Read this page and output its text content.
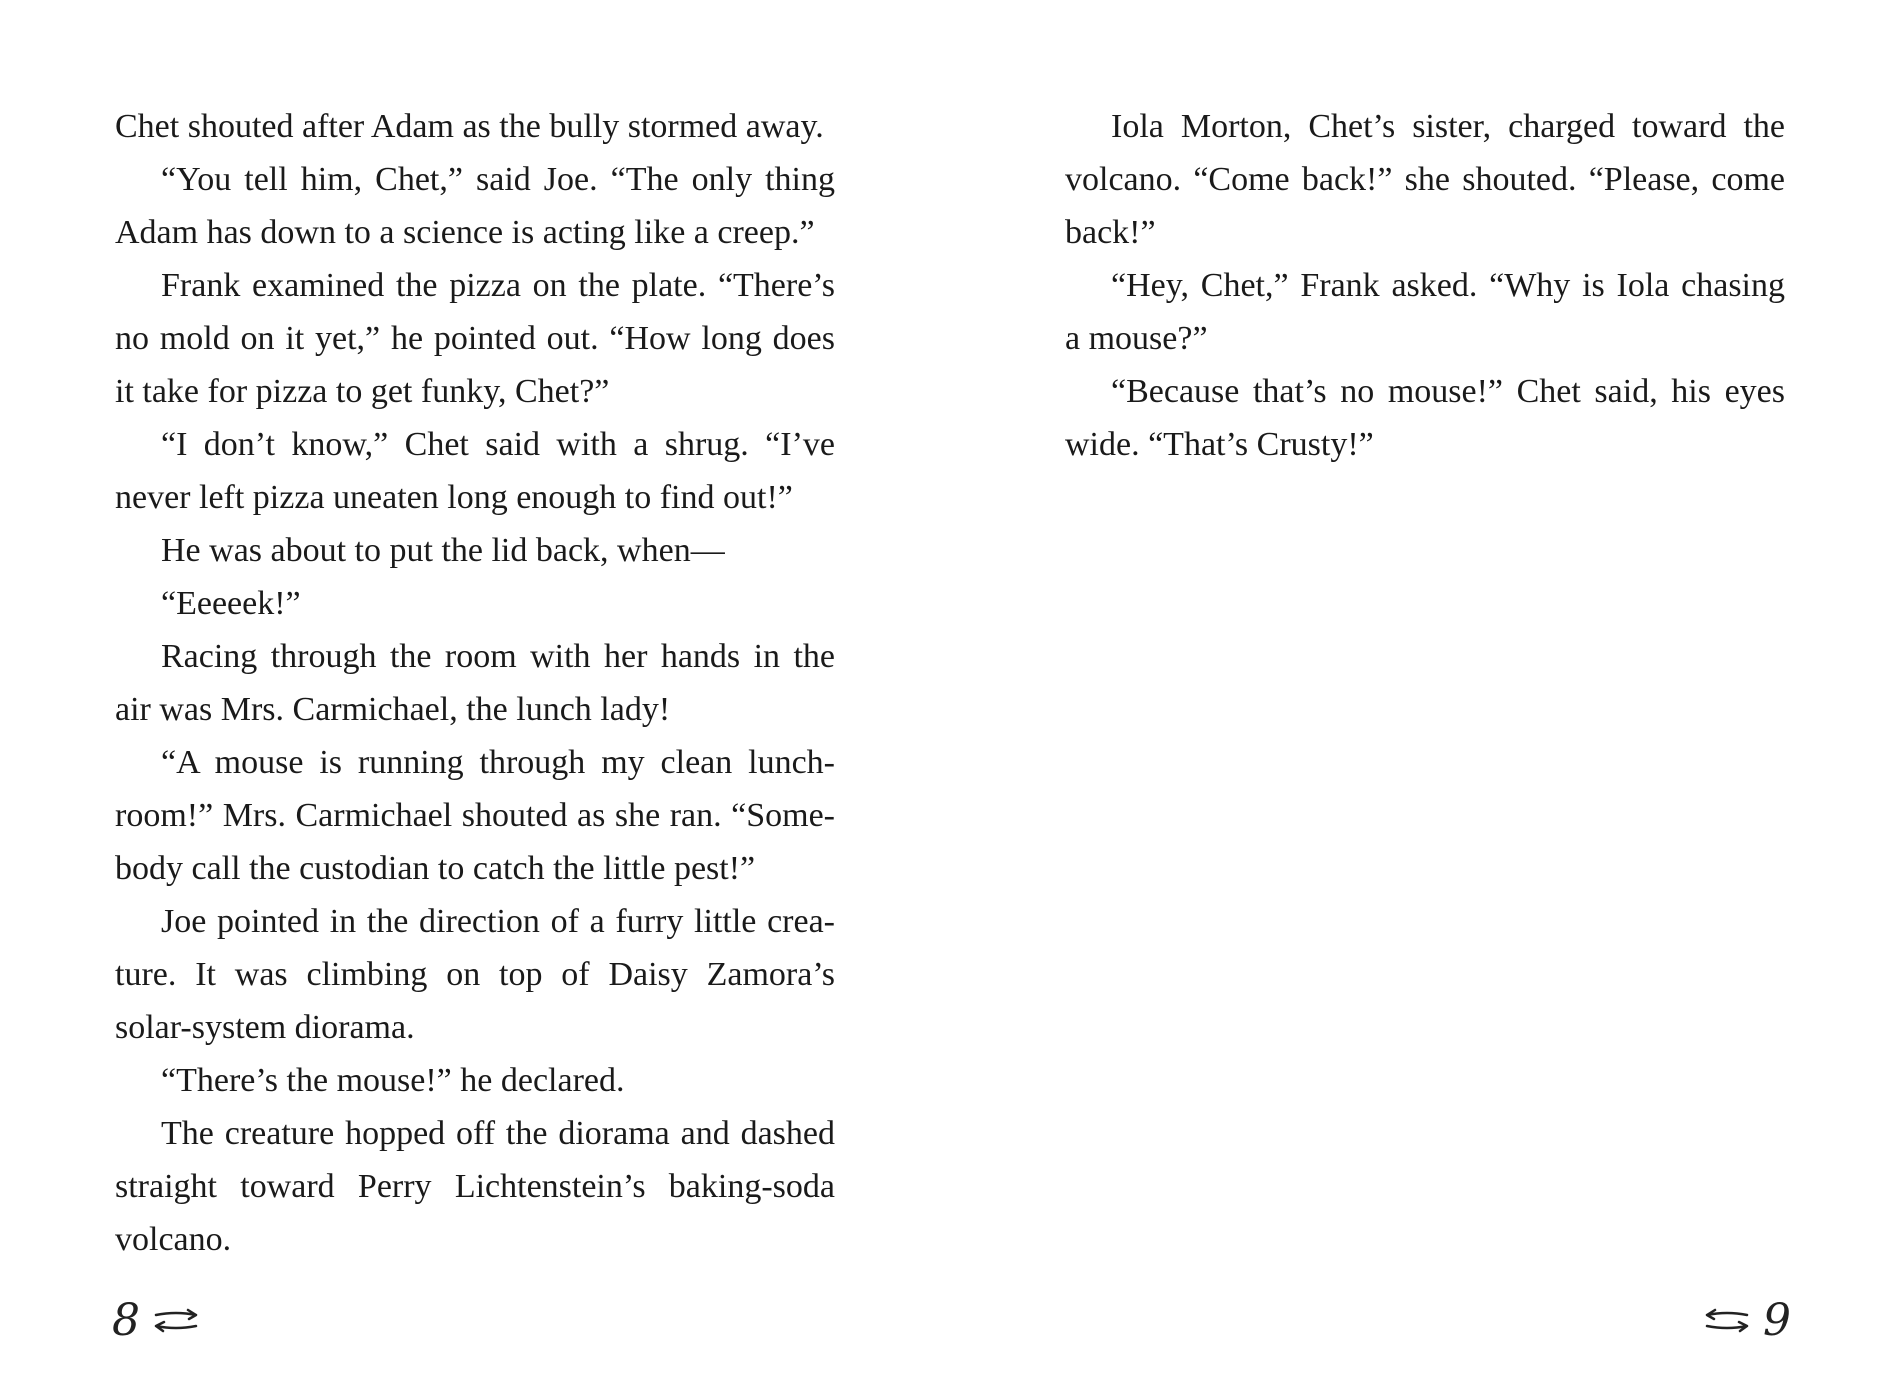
Chet shouted after Adam as the bully stormed away.

“You tell him, Chet,” said Joe. “The only thing Adam has down to a science is acting like a creep.”

Frank examined the pizza on the plate. “There’s no mold on it yet,” he pointed out. “How long does it take for pizza to get funky, Chet?”

“I don’t know,” Chet said with a shrug. “I’ve never left pizza uneaten long enough to find out!”

He was about to put the lid back, when—

“Eeeeek!”

Racing through the room with her hands in the air was Mrs. Carmichael, the lunch lady!

“A mouse is running through my clean lunch-room!” Mrs. Carmichael shouted as she ran. “Some-body call the custodian to catch the little pest!”

Joe pointed in the direction of a furry little crea-ture. It was climbing on top of Daisy Zamora’s solar-system diorama.

“There’s the mouse!” he declared.

The creature hopped off the diorama and dashed straight toward Perry Lichtenstein’s baking-soda volcano.

Iola Morton, Chet’s sister, charged toward the volcano. “Come back!” she shouted. “Please, come back!”

“Hey, Chet,” Frank asked. “Why is Iola chasing a mouse?”

“Because that’s no mouse!” Chet said, his eyes wide. “That’s Crusty!”

8	9
